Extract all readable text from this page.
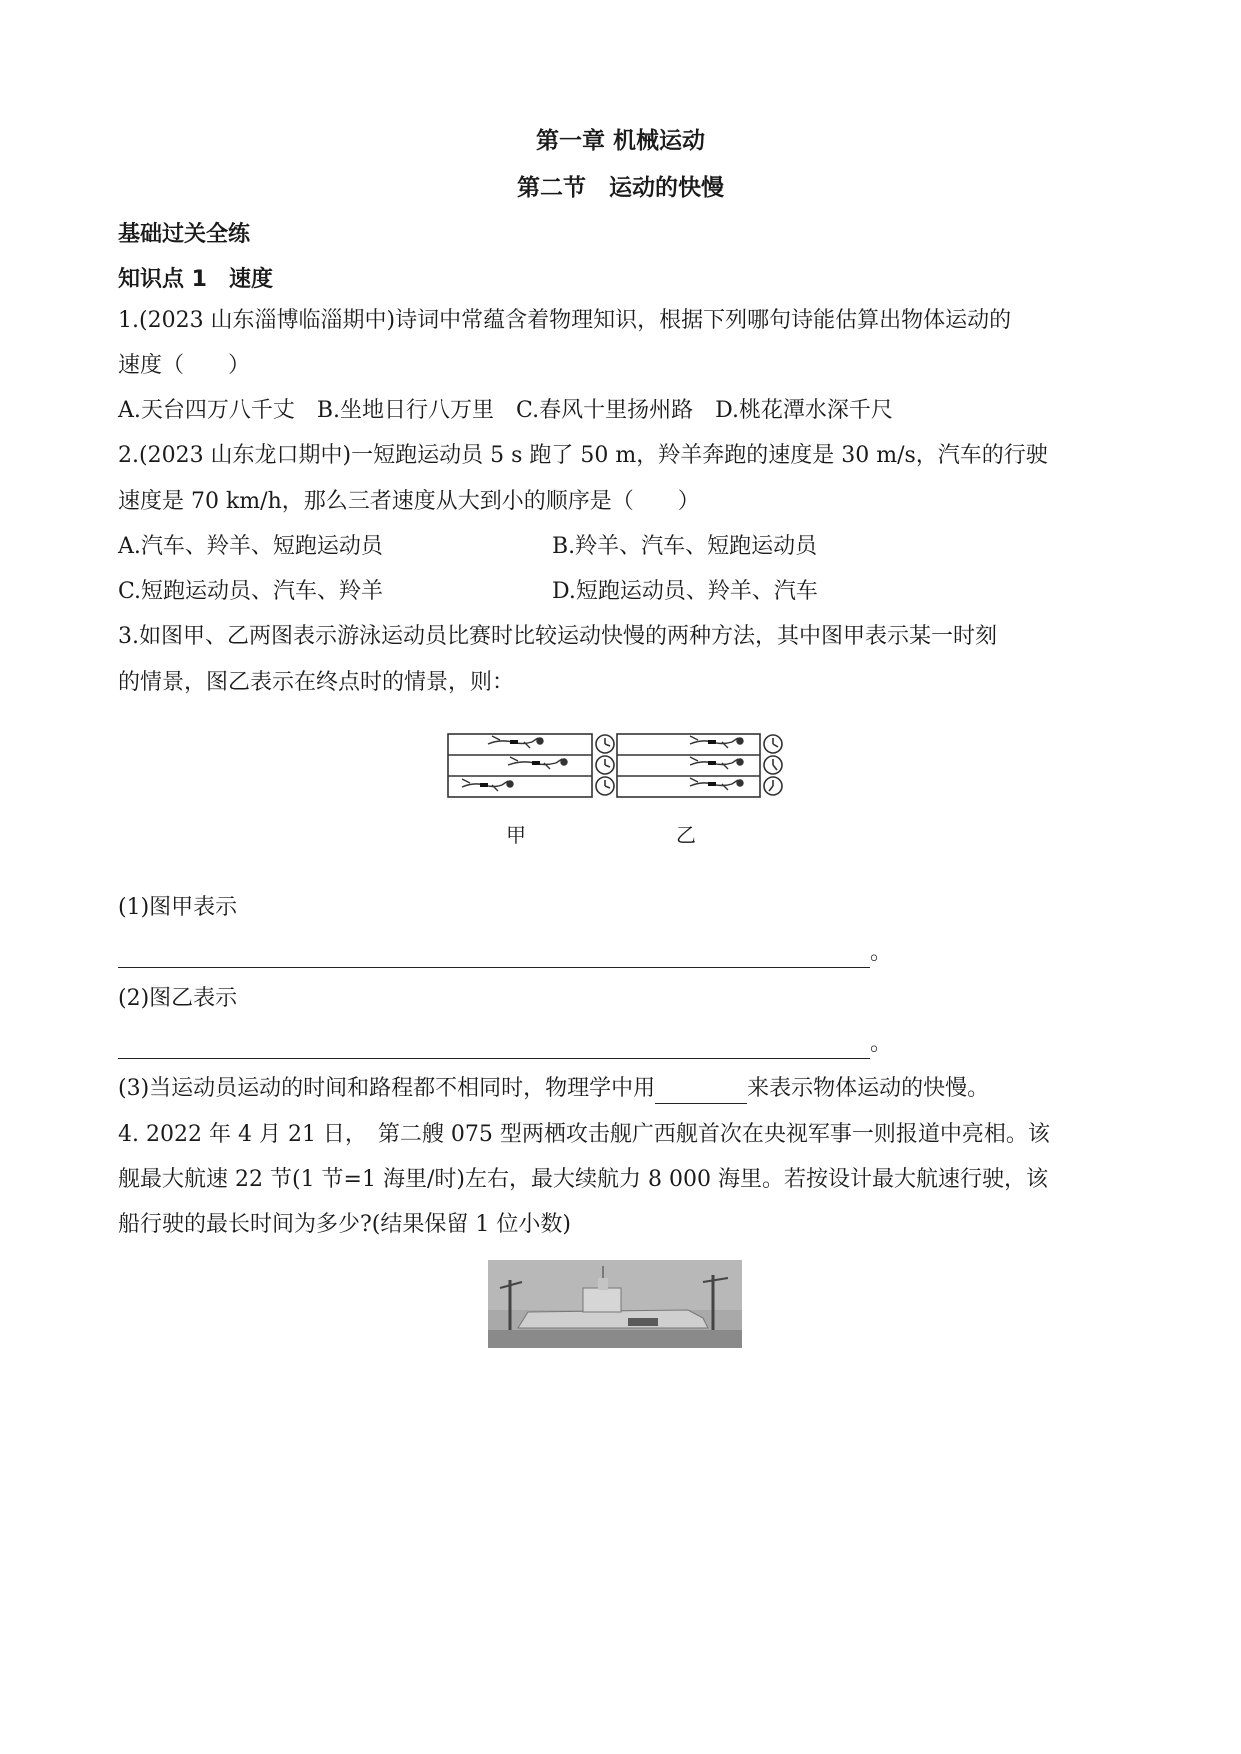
第一章 机械运动
第二节　运动的快慢
基础过关全练
知识点 1　速度
1.(2023 山东淄博临淄期中)诗词中常蕴含着物理知识，根据下列哪句诗能估算出物体运动的
速度（　　）
A.天台四万八千丈　B.坐地日行八万里　C.春风十里扬州路　D.桃花潭水深千尺
2.(2023 山东龙口期中)一短跑运动员 5 s 跑了 50 m，羚羊奔跑的速度是 30 m/s，汽车的行驶
速度是 70 km/h，那么三者速度从大到小的顺序是（　　）
A.汽车、羚羊、短跑运动员	B.羚羊、汽车、短跑运动员
C.短跑运动员、汽车、羚羊	D.短跑运动员、羚羊、汽车
3.如图甲、乙两图表示游泳运动员比赛时比较运动快慢的两种方法，其中图甲表示某一时刻
的情景，图乙表示在终点时的情景，则：
甲	乙
(1)图甲表示
。
(2)图乙表示
。
(3)当运动员运动的时间和路程都不相同时，物理学中用	来表示物体运动的快慢。
4. 2022 年 4 月 21 日，　第二艘 075 型两栖攻击舰广西舰首次在央视军事一则报道中亮相。该
舰最大航速 22 节(1 节=1 海里/时)左右，最大续航力 8 000 海里。若按设计最大航速行驶，该
船行驶的最长时间为多少?(结果保留 1 位小数)
